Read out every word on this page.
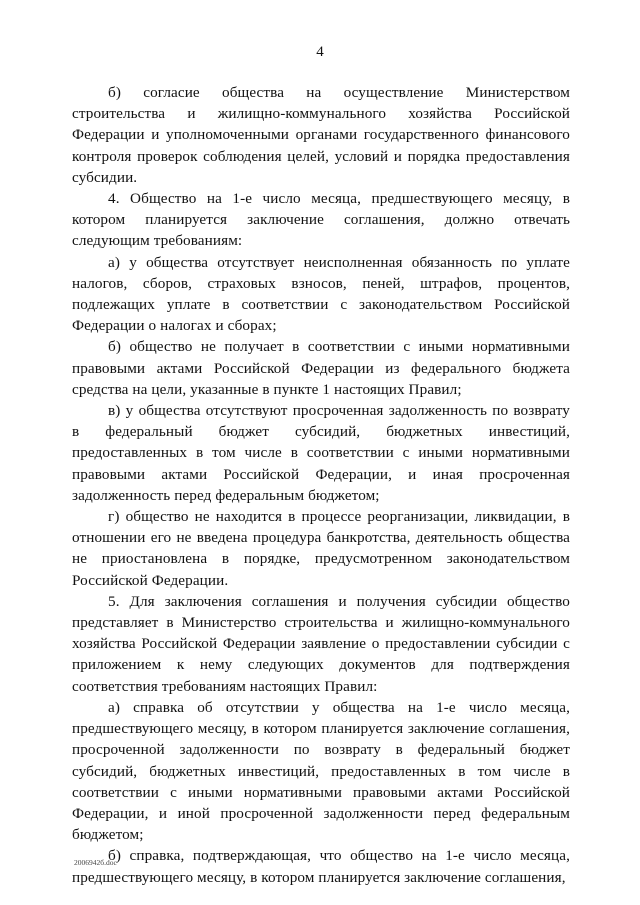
4

б) согласие общества на осуществление Министерством строительства и жилищно-коммунального хозяйства Российской Федерации и уполномоченными органами государственного финансового контроля проверок соблюдения целей, условий и порядка предоставления субсидии.

4. Общество на 1-е число месяца, предшествующего месяцу, в котором планируется заключение соглашения, должно отвечать следующим требованиям:

а) у общества отсутствует неисполненная обязанность по уплате налогов, сборов, страховых взносов, пеней, штрафов, процентов, подлежащих уплате в соответствии с законодательством Российской Федерации о налогах и сборах;

б) общество не получает в соответствии с иными нормативными правовыми актами Российской Федерации из федерального бюджета средства на цели, указанные в пункте 1 настоящих Правил;

в) у общества отсутствуют просроченная задолженность по возврату в федеральный бюджет субсидий, бюджетных инвестиций, предоставленных в том числе в соответствии с иными нормативными правовыми актами Российской Федерации, и иная просроченная задолженность перед федеральным бюджетом;

г) общество не находится в процессе реорганизации, ликвидации, в отношении его не введена процедура банкротства, деятельность общества не приостановлена в порядке, предусмотренном законодательством Российской Федерации.

5. Для заключения соглашения и получения субсидии общество представляет в Министерство строительства и жилищно-коммунального хозяйства Российской Федерации заявление о предоставлении субсидии с приложением к нему следующих документов для подтверждения соответствия требованиям настоящих Правил:

а) справка об отсутствии у общества на 1-е число месяца, предшествующего месяцу, в котором планируется заключение соглашения, просроченной задолженности по возврату в федеральный бюджет субсидий, бюджетных инвестиций, предоставленных в том числе в соответствии с иными нормативными правовыми актами Российской Федерации, и иной просроченной задолженности перед федеральным бюджетом;

б) справка, подтверждающая, что общество на 1-е число месяца, предшествующего месяцу, в котором планируется заключение соглашения,

2006942б.doc
